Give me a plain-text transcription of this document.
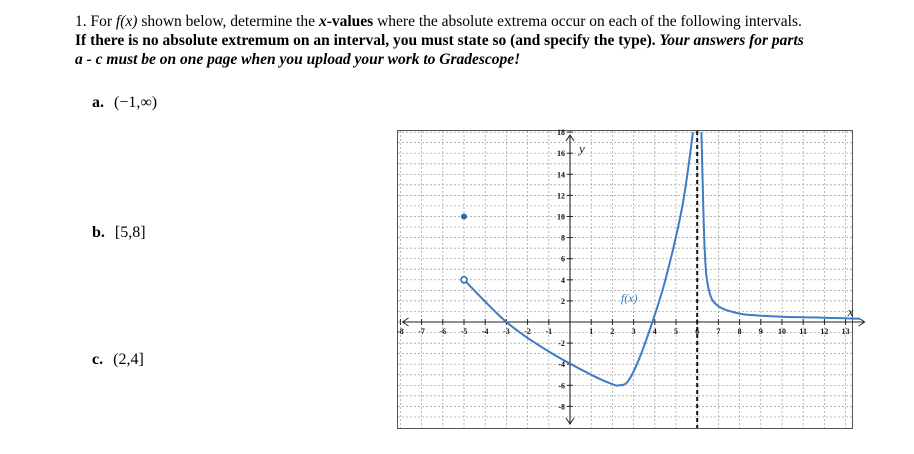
1. For f(x) shown below, determine the x-values where the absolute extrema occur on each of the following intervals.
If there is no absolute extremum on an interval, you must state so (and specify the type). Your answers for parts
a - c must be on one page when you upload your work to Gradescope!
a. (−1,∞)
b. [5,8]
c. (2,4]
-8 -7 -6 -5 -4 -3 -2 -1	1 2 3 4 5 6 7 8 9 10 11 12 13
-8
-6
-4
-2
2
4
6
8
10
12
14
16
18
f(x)
y
x
